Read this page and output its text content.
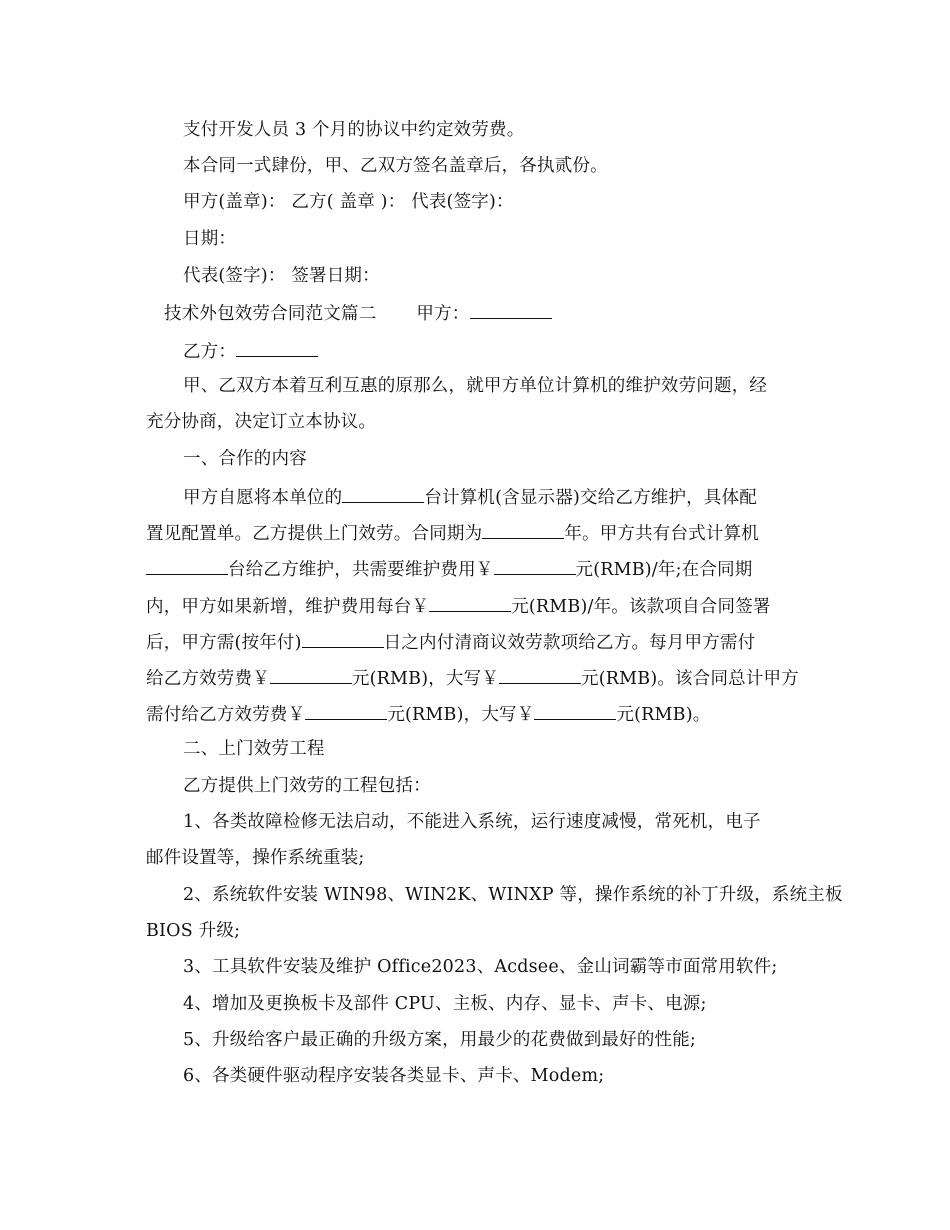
支付开发人员 3 个月的协议中约定效劳费。
本合同一式肆份，甲、乙双方签名盖章后，各执贰份。
甲方(盖章)： 乙方( 盖章 )： 代表(签字)：
日期：
代表(签字)： 签署日期：
技术外包效劳合同范文篇二 甲方：
乙方：
甲、乙双方本着互利互惠的原那么，就甲方单位计算机的维护效劳问题，经
充分协商，决定订立本协议。
一、合作的内容
甲方自愿将本单位的	台计算机(含显示器)交给乙方维护，具体配
置见配置单。乙方提供上门效劳。合同期为	年。甲方共有台式计算机
台给乙方维护，共需要维护费用￥	元(RMB)/年;在合同期
内，甲方如果新增，维护费用每台￥	元(RMB)/年。该款项自合同签署
后，甲方需(按年付)	日之内付清商议效劳款项给乙方。每月甲方需付
给乙方效劳费￥	元(RMB)，大写￥	元(RMB)。该合同总计甲方
需付给乙方效劳费￥	元(RMB)，大写￥	元(RMB)。
二、上门效劳工程
乙方提供上门效劳的工程包括：
1、各类故障检修无法启动，不能进入系统，运行速度减慢，常死机，电子
邮件设置等，操作系统重装;
2、系统软件安装 WIN98、WIN2K、WINXP 等，操作系统的补丁升级，系统主板
BIOS 升级;
3、工具软件安装及维护 Office2023、Acdsee、金山词霸等市面常用软件;
4、增加及更换板卡及部件 CPU、主板、内存、显卡、声卡、电源;
5、升级给客户最正确的升级方案，用最少的花费做到最好的性能;
6、各类硬件驱动程序安装各类显卡、声卡、Modem;
